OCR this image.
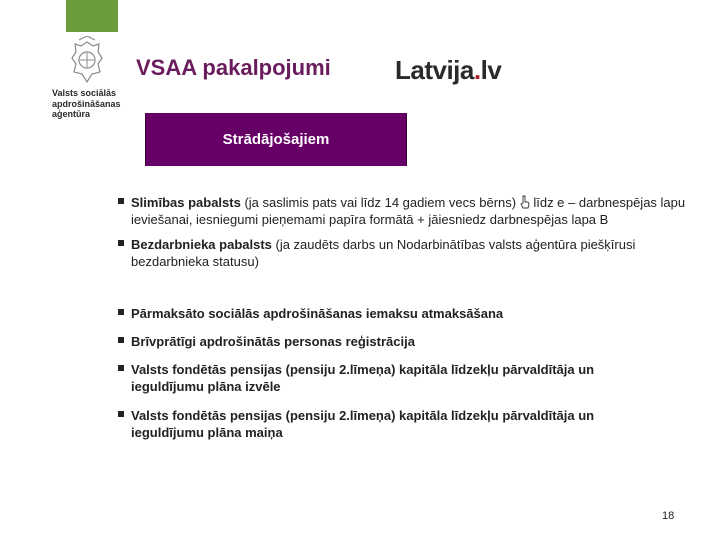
Valsts sociālās
apdrošināšanas
aģentūra
VSAA pakalpojumi Latvija . lv
Strādājošajiem
Slimības pabalsts (ja saslimis pats vai līdz 14 gadiem vecs bērns)  līdz e – darbnespējas lapu ieviešanai, iesniegumi pieņemami papīra formātā + jāiesniedz darbnespējas lapa B
Bezdarbnieka pabalsts (ja zaudēts darbs un Nodarbinātības valsts aģentūra piešķīrusi bezdarbnieka statusu)
Pārmaksāto sociālās apdrošināšanas iemaksu atmaksāšana
Brīvprātīgi apdrošinātās personas reģistrācija
Valsts fondētās pensijas (pensiju 2.līmeņa) kapitāla līdzekļu pārvaldītāja un ieguldījumu plāna izvēle
Valsts fondētās pensijas (pensiju 2.līmeņa) kapitāla līdzekļu pārvaldītāja un ieguldījumu plāna maiņa
18
